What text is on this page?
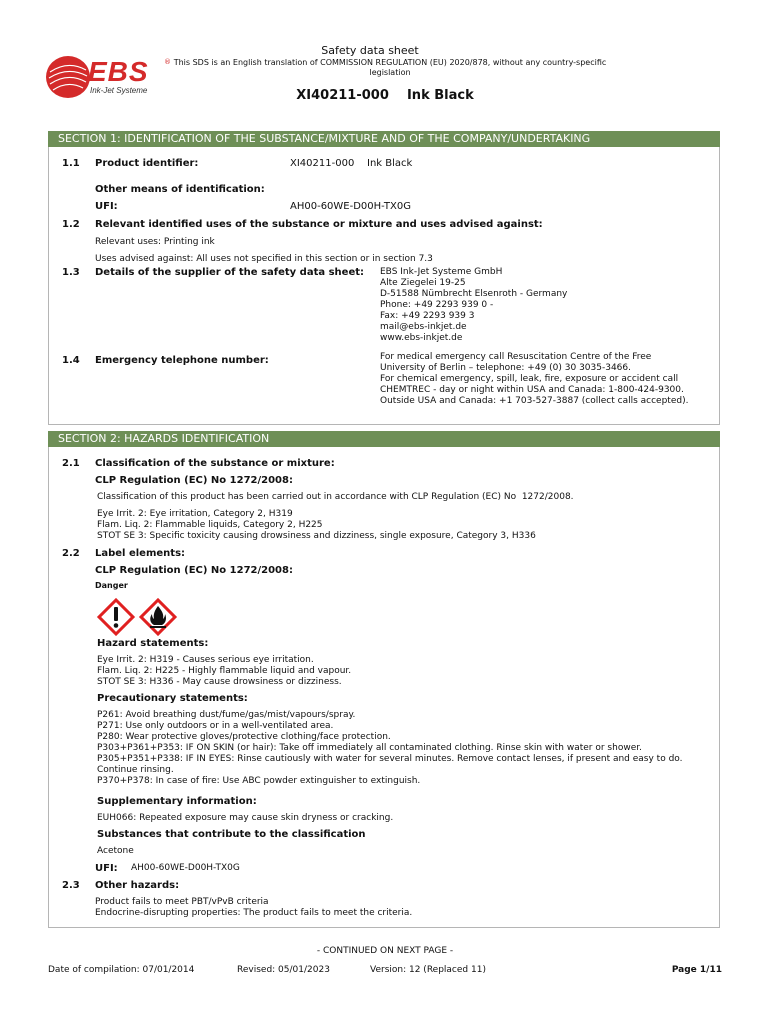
EBS ®
Ink-Jet Systeme
Safety data sheet
This SDS is an English translation of COMMISSION REGULATION (EU) 2020/878, without any country-specific
legislation
XI40211-000    Ink Black
SECTION 1: IDENTIFICATION OF THE SUBSTANCE/MIXTURE AND OF THE COMPANY/UNDERTAKING
1.1 Product identifier:	XI40211-000    Ink Black
Other means of identification:
UFI:	AH00-60WE-D00H-TX0G
1.2 Relevant identified uses of the substance or mixture and uses advised against:
Relevant uses: Printing ink
Uses advised against: All uses not specified in this section or in section 7.3
1.3 Details of the supplier of the safety data sheet: EBS Ink-Jet Systeme GmbH
Alte Ziegelei 19-25
D-51588 Nümbrecht Elsenroth - Germany
Phone: +49 2293 939 0 -
Fax: +49 2293 939 3
mail@ebs-inkjet.de
www.ebs-inkjet.de
1.4 Emergency telephone number:	For medical emergency call Resuscitation Centre of the Free
University of Berlin – telephone: +49 (0) 30 3035-3466.
For chemical emergency, spill, leak, fire, exposure or accident call
CHEMTREC - day or night within USA and Canada: 1-800-424-9300.
Outside USA and Canada: +1 703-527-3887 (collect calls accepted).
SECTION 2: HAZARDS IDENTIFICATION
2.1 Classification of the substance or mixture:
CLP Regulation (EC) No 1272/2008:
Classification of this product has been carried out in accordance with CLP Regulation (EC) No  1272/2008.
Eye Irrit. 2: Eye irritation, Category 2, H319
Flam. Liq. 2: Flammable liquids, Category 2, H225
STOT SE 3: Specific toxicity causing drowsiness and dizziness, single exposure, Category 3, H336
2.2 Label elements:
CLP Regulation (EC) No 1272/2008:
Danger
Hazard statements:
Eye Irrit. 2: H319 - Causes serious eye irritation.
Flam. Liq. 2: H225 - Highly flammable liquid and vapour.
STOT SE 3: H336 - May cause drowsiness or dizziness.
Precautionary statements:
P261: Avoid breathing dust/fume/gas/mist/vapours/spray.
P271: Use only outdoors or in a well-ventilated area.
P280: Wear protective gloves/protective clothing/face protection.
P303+P361+P353: IF ON SKIN (or hair): Take off immediately all contaminated clothing. Rinse skin with water or shower.
P305+P351+P338: IF IN EYES: Rinse cautiously with water for several minutes. Remove contact lenses, if present and easy to do.
Continue rinsing.
P370+P378: In case of fire: Use ABC powder extinguisher to extinguish.
Supplementary information:
EUH066: Repeated exposure may cause skin dryness or cracking.
Substances that contribute to the classification
Acetone
UFI: AH00-60WE-D00H-TX0G
2.3 Other hazards:
Product fails to meet PBT/vPvB criteria
Endocrine-disrupting properties: The product fails to meet the criteria.
- CONTINUED ON NEXT PAGE -
Date of compilation: 07/01/2014	Revised: 05/01/2023	Version: 12 (Replaced 11)	Page 1/11
